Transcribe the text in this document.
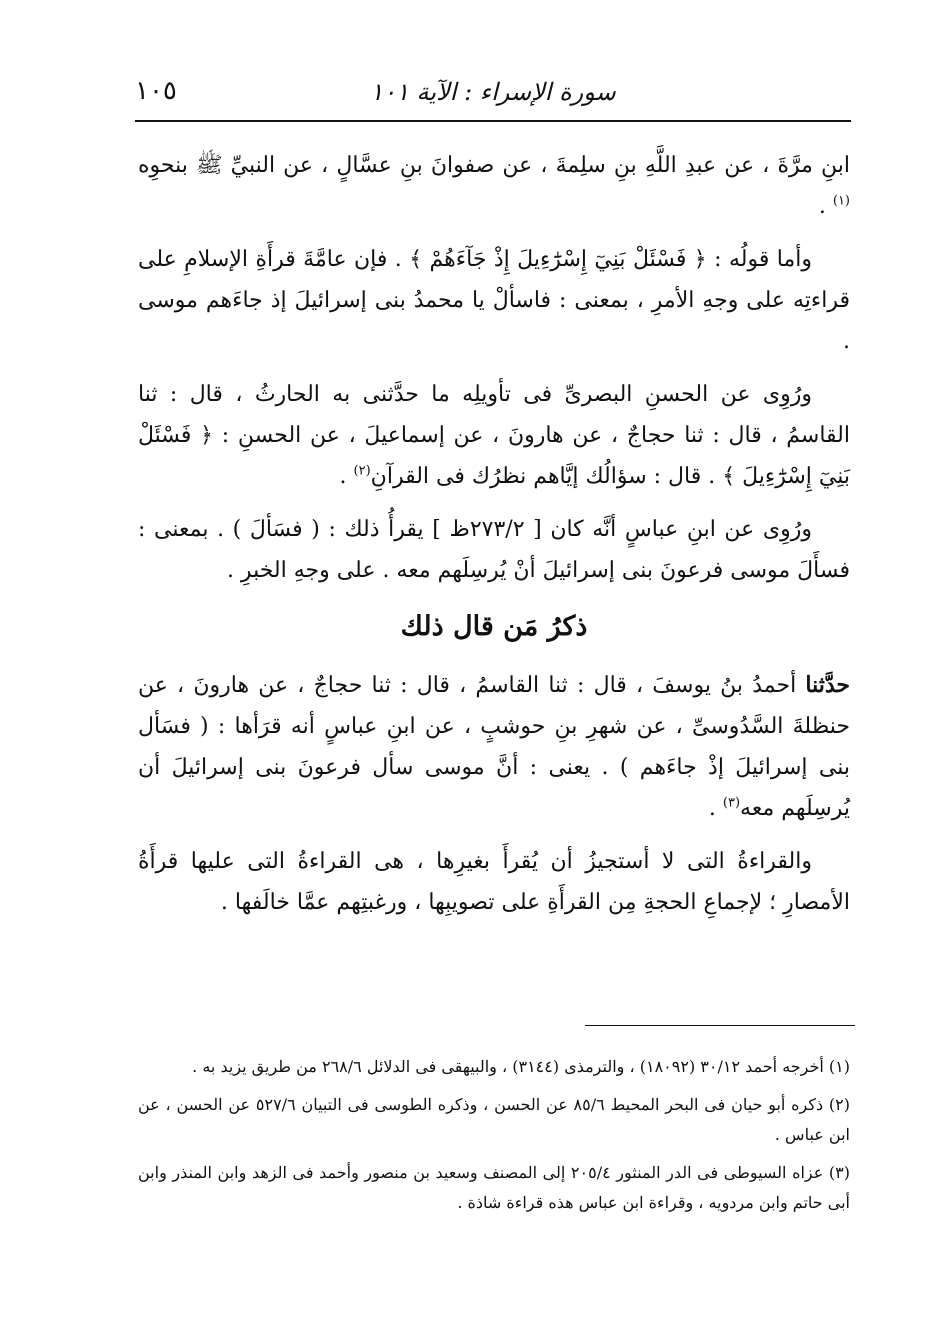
سورة الإسراء : الآية ١٠١
١٠٥

ابنِ مرَّةَ ، عن عبدِ اللَّهِ بنِ سلِمةَ ، عن صفوانَ بنِ عسَّالٍ ، عن النبيِّ ﷺ بنحوِه $^{(١)}$ .

وأما قولُه : ﴿ فَسْئَلْ بَنِيٓ إِسْرَٰٓءِيلَ إِذْ جَآءَهُمْ ﴾ . فإن عامَّةَ قرأَةِ الإسلامِ على قراءتِه على وجهِ الأمرِ ، بمعنى : فاسألْ يا محمدُ بنى إسرائيلَ إذ جاءَهم موسى .

ورُوِى عن الحسنِ البصرىِّ فى تأويلِه ما حدَّثنى به الحارثُ ، قال : ثنا القاسمُ ، قال : ثنا حجاجٌ ، عن هارونَ ، عن إسماعيلَ ، عن الحسنِ : ﴿ فَسْئَلْ بَنِيٓ إِسْرَٰٓءِيلَ ﴾ . قال : سؤالُك إيَّاهم نظرُك فى القرآنِ$^{(٢)}$ .

ورُوِى عن ابنِ عباسٍ أنَّه كان [ ٢٧٣/٢ظ ] يقرأُ ذلك : ( فسَألَ ) . بمعنى : فسأَلَ موسى فرعونَ بنى إسرائيلَ أنْ يُرسِلَهم معه . على وجهِ الخبرِ .

ذكرُ مَن قال ذلك

حدَّثنا أحمدُ بنُ يوسفَ ، قال : ثنا القاسمُ ، قال : ثنا حجاجٌ ، عن هارونَ ، عن حنظلةَ السَّدُوسىِّ ، عن شهرِ بنِ حوشبٍ ، عن ابنِ عباسٍ أنه قرَأها : ( فسَأل بنى إسرائيلَ إذْ جاءَهم ) . يعنى : أنَّ موسى سأل فرعونَ بنى إسرائيلَ أن يُرسِلَهم معه$^{(٣)}$ .

والقراءةُ التى لا أستجيزُ أن يُقرأَ بغيرِها ، هى القراءةُ التى عليها قرأَةُ الأمصارِ ؛ لإجماعِ الحجةِ مِن القرأَةِ على تصويبِها ، ورغبتِهم عمَّا خالَفها .

(١) أخرجه أحمد ٣٠/١٢ (١٨٠٩٢) ، والترمذى (٣١٤٤) ، والبيهقى فى الدلائل ٢٦٨/٦ من طريق يزيد به .

(٢) ذكره أبو حيان فى البحر المحيط ٨٥/٦ عن الحسن ، وذكره الطوسى فى التبيان ٥٢٧/٦ عن الحسن ، عن ابن عباس .

(٣) عزاه السيوطى فى الدر المنثور ٢٠٥/٤ إلى المصنف وسعيد بن منصور وأحمد فى الزهد وابن المنذر وابن أبى حاتم وابن مردويه ، وقراءة ابن عباس هذه قراءة شاذة .
